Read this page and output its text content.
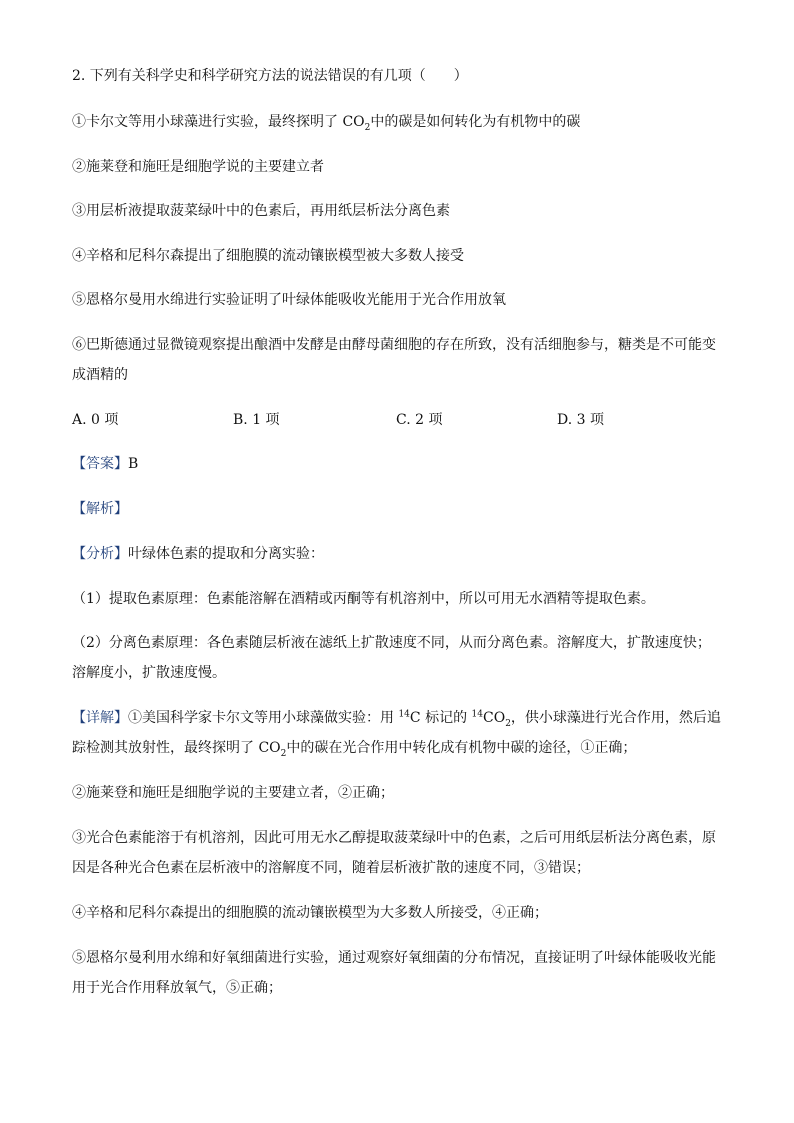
2. 下列有关科学史和科学研究方法的说法错误的有几项（　　）
①卡尔文等用小球藻进行实验，最终探明了 $CO_2$中的碳是如何转化为有机物中的碳
②施莱登和施旺是细胞学说的主要建立者
③用层析液提取菠菜绿叶中的色素后，再用纸层析法分离色素
④辛格和尼科尔森提出了细胞膜的流动镶嵌模型被大多数人接受
⑤恩格尔曼用水绵进行实验证明了叶绿体能吸收光能用于光合作用放氧
⑥巴斯德通过显微镜观察提出酿酒中发酵是由酵母菌细胞的存在所致，没有活细胞参与，糖类是不可能变
成酒精的
A. 0 项	B. 1 项	C. 2 项	D. 3 项
【答案】B
【解析】
【分析】叶绿体色素的提取和分离实验：
（1）提取色素原理：色素能溶解在酒精或丙酮等有机溶剂中，所以可用无水酒精等提取色素。
（2）分离色素原理：各色素随层析液在滤纸上扩散速度不同，从而分离色素。溶解度大，扩散速度快；
溶解度小，扩散速度慢。
【详解】①美国科学家卡尔文等用小球藻做实验：用 $^{14}$C 标记的 $^{14}CO_2$，供小球藻进行光合作用，然后追
踪检测其放射性，最终探明了 $CO_2$中的碳在光合作用中转化成有机物中碳的途径，①正确；
②施莱登和施旺是细胞学说的主要建立者，②正确；
③光合色素能溶于有机溶剂，因此可用无水乙醇提取菠菜绿叶中的色素，之后可用纸层析法分离色素，原
因是各种光合色素在层析液中的溶解度不同，随着层析液扩散的速度不同，③错误；
④辛格和尼科尔森提出的细胞膜的流动镶嵌模型为大多数人所接受，④正确；
⑤恩格尔曼利用水绵和好氧细菌进行实验，通过观察好氧细菌的分布情况，直接证明了叶绿体能吸收光能
用于光合作用释放氧气，⑤正确；
